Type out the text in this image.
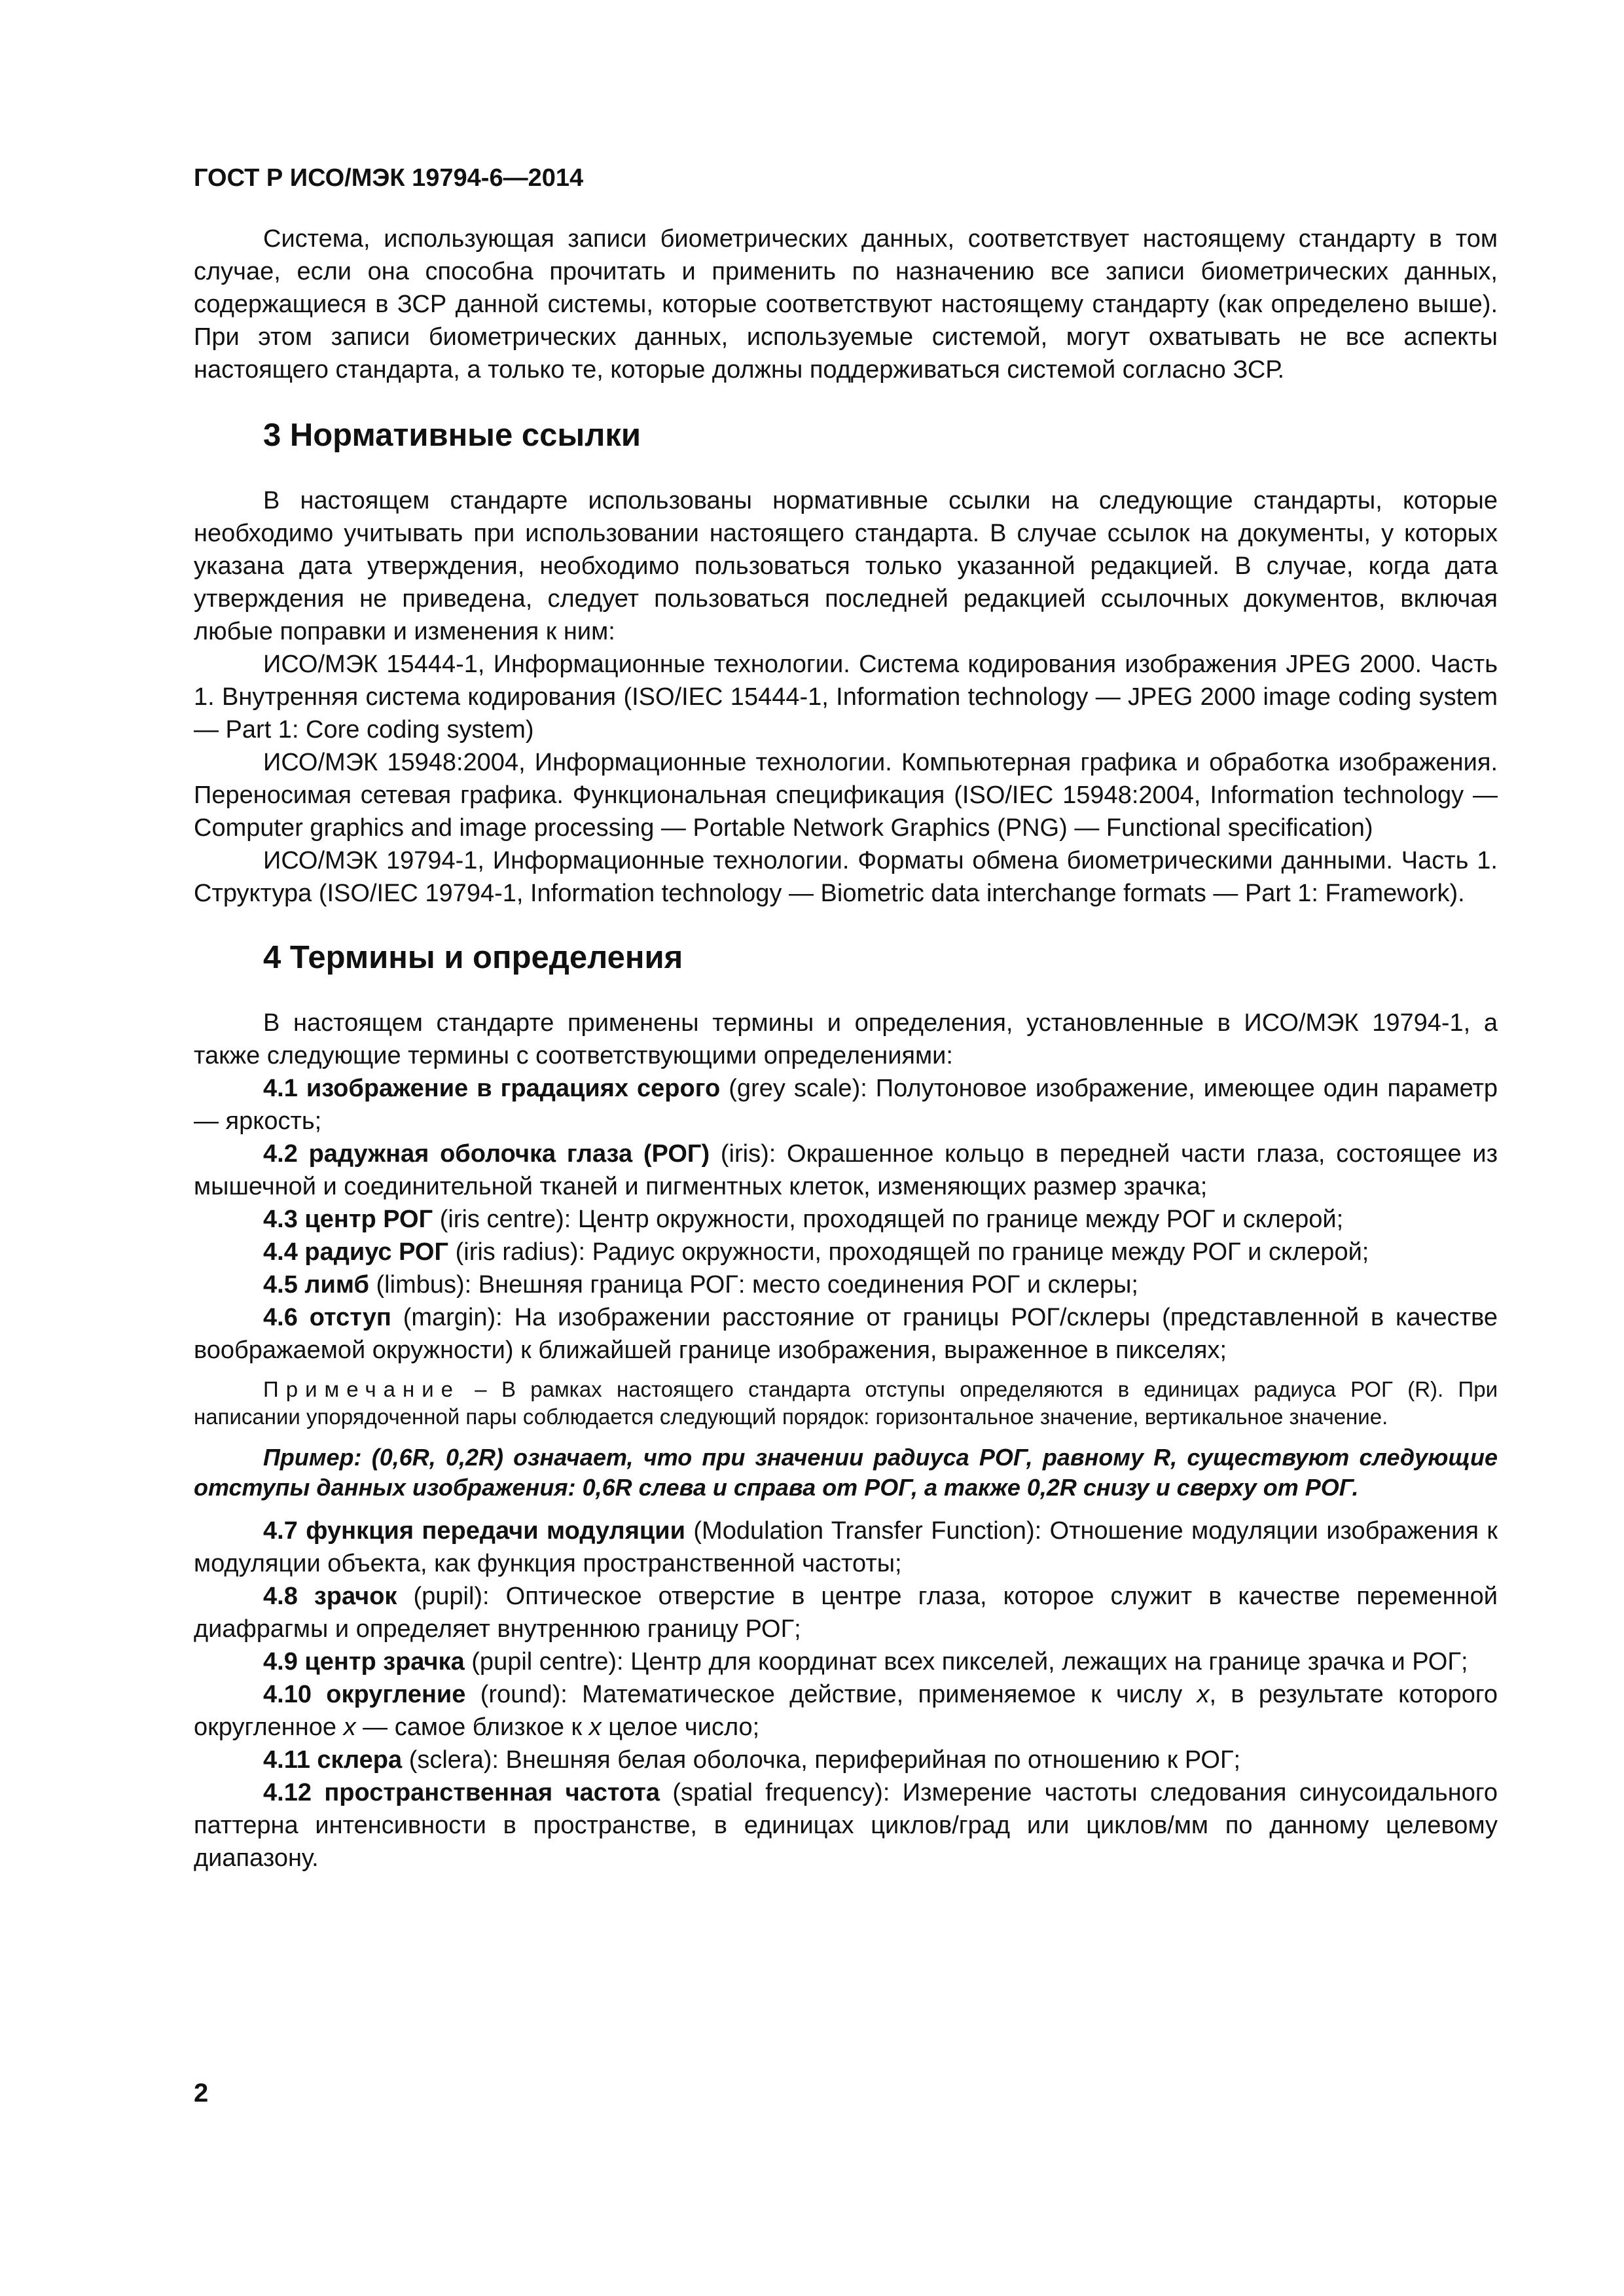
ГОСТ Р ИСО/МЭК 19794-6—2014

Система, использующая записи биометрических данных, соответствует настоящему стандарту в том случае, если она способна прочитать и применить по назначению все записи биометрических данных, содержащиеся в ЗСР данной системы, которые соответствуют настоящему стандарту (как определено выше). При этом записи биометрических данных, используемые системой, могут охватывать не все аспекты настоящего стандарта, а только те, которые должны поддерживаться системой согласно ЗСР.

3 Нормативные ссылки

В настоящем стандарте использованы нормативные ссылки на следующие стандарты, которые необходимо учитывать при использовании настоящего стандарта. В случае ссылок на документы, у которых указана дата утверждения, необходимо пользоваться только указанной редакцией. В случае, когда дата утверждения не приведена, следует пользоваться последней редакцией ссылочных документов, включая любые поправки и изменения к ним:

ИСО/МЭК 15444-1, Информационные технологии. Система кодирования изображения JPEG 2000. Часть 1. Внутренняя система кодирования (ISO/IEC 15444-1, Information technology — JPEG 2000 image coding system — Part 1: Core coding system)

ИСО/МЭК 15948:2004, Информационные технологии. Компьютерная графика и обработка изображения. Переносимая сетевая графика. Функциональная спецификация (ISO/IEC 15948:2004, Information technology — Computer graphics and image processing — Portable Network Graphics (PNG) — Functional specification)

ИСО/МЭК 19794-1, Информационные технологии. Форматы обмена биометрическими данными. Часть 1. Структура (ISO/IEC 19794-1, Information technology — Biometric data interchange formats — Part 1: Framework).

4 Термины и определения

В настоящем стандарте применены термины и определения, установленные в ИСО/МЭК 19794-1, а также следующие термины с соответствующими определениями:

4.1 изображение в градациях серого (grey scale): Полутоновое изображение, имеющее один параметр — яркость;

4.2 радужная оболочка глаза (РОГ) (iris): Окрашенное кольцо в передней части глаза, состоящее из мышечной и соединительной тканей и пигментных клеток, изменяющих размер зрачка;

4.3 центр РОГ (iris centre): Центр окружности, проходящей по границе между РОГ и склерой;

4.4 радиус РОГ (iris radius): Радиус окружности, проходящей по границе между РОГ и склерой;

4.5 лимб (limbus): Внешняя граница РОГ: место соединения РОГ и склеры;

4.6 отступ (margin): На изображении расстояние от границы РОГ/склеры (представленной в качестве воображаемой окружности) к ближайшей границе изображения, выраженное в пикселях;

Примечание – В рамках настоящего стандарта отступы определяются в единицах радиуса РОГ (R). При написании упорядоченной пары соблюдается следующий порядок: горизонтальное значение, вертикальное значение.

Пример: (0,6R, 0,2R) означает, что при значении радиуса РОГ, равному R, существуют следующие отступы данных изображения: 0,6R слева и справа от РОГ, а также 0,2R снизу и сверху от РОГ.

4.7 функция передачи модуляции (Modulation Transfer Function): Отношение модуляции изображения к модуляции объекта, как функция пространственной частоты;

4.8 зрачок (pupil): Оптическое отверстие в центре глаза, которое служит в качестве переменной диафрагмы и определяет внутреннюю границу РОГ;

4.9 центр зрачка (pupil centre): Центр для координат всех пикселей, лежащих на границе зрачка и РОГ;

4.10 округление (round): Математическое действие, применяемое к числу x, в результате которого округленное x — самое близкое к x целое число;

4.11 склера (sclera): Внешняя белая оболочка, периферийная по отношению к РОГ;

4.12 пространственная частота (spatial frequency): Измерение частоты следования синусоидального паттерна интенсивности в пространстве, в единицах циклов/град или циклов/мм по данному целевому диапазону.

2
